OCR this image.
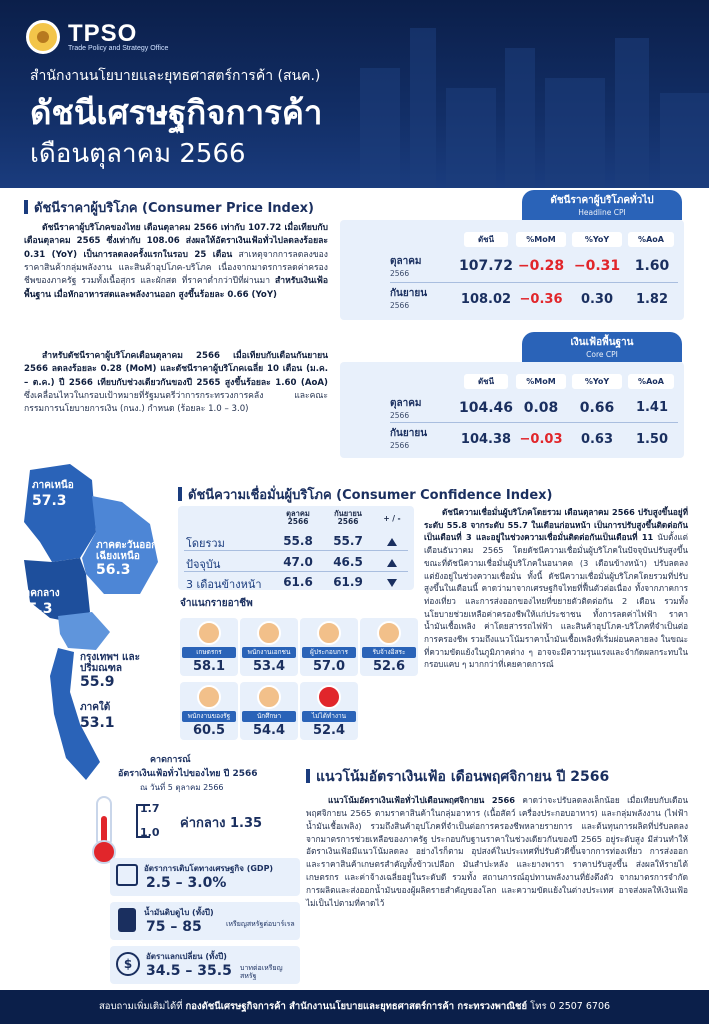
TPSO
Trade Policy and Strategy Office
สำนักงานนโยบายและยุทธศาสตร์การค้า (สนค.)
ดัชนีเศรษฐกิจการค้า
เดือนตุลาคม 2566
ดัชนีราคาผู้บริโภค (Consumer Price Index)
ดัชนีราคาผู้บริโภคของไทย เดือนตุลาคม 2566 เท่ากับ 107.72 เมื่อเทียบกับเดือนตุลาคม 2565 ซึ่งเท่ากับ 108.06 ส่งผลให้อัตราเงินเฟ้อทั่วไปลดลงร้อยละ 0.31 (YoY) เป็นการลดลงครั้งแรกในรอบ 25 เดือน สาเหตุจากการลดลงของราคาสินค้ากลุ่มพลังงาน และสินค้าอุปโภค-บริโภค เนื่องจากมาตรการลดค่าครองชีพของภาครัฐ รวมทั้งเนื้อสุกร และผักสด ที่ราคาต่ำกว่าปีที่ผ่านมา สำหรับเงินเฟ้อพื้นฐาน เมื่อหักอาหารสดและพลังงานออก สูงขึ้นร้อยละ 0.66 (YoY)
สำหรับดัชนีราคาผู้บริโภคเดือนตุลาคม 2566 เมื่อเทียบกับเดือนกันยายน 2566 ลดลงร้อยละ 0.28 (MoM) และดัชนีราคาผู้บริโภคเฉลี่ย 10 เดือน (ม.ค. – ต.ค.) ปี 2566 เทียบกับช่วงเดียวกันของปี 2565 สูงขึ้นร้อยละ 1.60 (AoA) ซึ่งเคลื่อนไหวในกรอบเป้าหมายที่รัฐมนตรีว่าการกระทรวงการคลัง และคณะกรรมการนโยบายการเงิน (กนง.) กำหนด (ร้อยละ 1.0 – 3.0)
ดัชนีราคาผู้บริโภคทั่วไป
Headline CPI
ดัชนี	%MoM	%YoY	%AoA
ตุลาคม
2566	107.72 −0.28 −0.31	1.60
กันยายน
2566	108.02 −0.36	0.30	1.82
เงินเฟ้อพื้นฐาน
Core CPI
ดัชนี	%MoM	%YoY	%AoA
ตุลาคม
2566	104.46 0.08	0.66	1.41
กันยายน
2566	104.38 −0.03	0.63	1.50
ภาคเหนือ
57.3
ภาคตะวันออกเฉียงเหนือ
56.3
ภาคกลาง
55.3
กรุงเทพฯ และปริมณฑล
55.9
ภาคใต้
53.1
ดัชนีความเชื่อมั่นผู้บริโภค (Consumer Confidence Index)
ตุลาคม
2566
กันยายน
2566	+ / -
โดยรวม	55.8	55.7
ปัจจุบัน	47.0	46.5
3 เดือนข้างหน้า	61.6	61.9
จำแนกรายอาชีพ
เกษตรกร
58.1
พนักงานเอกชน
53.4
ผู้ประกอบการ
57.0
รับจ้างอิสระ
52.6
พนักงานของรัฐ
60.5
นักศึกษา
54.4
ไม่ได้ทำงาน
52.4
ดัชนีความเชื่อมั่นผู้บริโภคโดยรวม เดือนตุลาคม 2566 ปรับสูงขึ้นอยู่ที่ระดับ 55.8 จากระดับ 55.7 ในเดือนก่อนหน้า เป็นการปรับสูงขึ้นติดต่อกันเป็นเดือนที่ 3 และอยู่ในช่วงความเชื่อมั่นติดต่อกันเป็นเดือนที่ 11 นับตั้งแต่เดือนธันวาคม 2565 โดยดัชนีความเชื่อมั่นผู้บริโภคในปัจจุบันปรับสูงขึ้น ขณะที่ดัชนีความเชื่อมั่นผู้บริโภคในอนาคต (3 เดือนข้างหน้า) ปรับลดลง แต่ยังอยู่ในช่วงความเชื่อมั่น ทั้งนี้ ดัชนีความเชื่อมั่นผู้บริโภคโดยรวมที่ปรับสูงขึ้นในเดือนนี้ คาดว่ามาจากเศรษฐกิจไทยที่ฟื้นตัวต่อเนื่อง ทั้งจากภาคการท่องเที่ยว และการส่งออกของไทยที่ขยายตัวติดต่อกัน 2 เดือน รวมทั้งนโยบายช่วยเหลือค่าครองชีพให้แก่ประชาชน ทั้งการลดค่าไฟฟ้า ราคาน้ำมันเชื้อเพลิง ค่าโดยสารรถไฟฟ้า และสินค้าอุปโภค-บริโภคที่จำเป็นต่อการครองชีพ รวมถึงแนวโน้มราคาน้ำมันเชื้อเพลิงที่เริ่มผ่อนคลายลง ในขณะที่ความขัดแย้งในภูมิภาคต่าง ๆ อาจจะมีความรุนแรงและจำกัดผลกระทบในกรอบแคบ ๆ มากกว่าที่เคยคาดการณ์
คาดการณ์
อัตราเงินเฟ้อทั่วไปของไทย ปี 2566
ณ วันที่ 5 ตุลาคม 2566
1.7
1.0
ค่ากลาง 1.35
อัตราการเติบโตทางเศรษฐกิจ (GDP)
2.5 – 3.0%
น้ำมันดิบดูไบ (ทั้งปี)
75 – 85	เหรียญสหรัฐต่อบาร์เรล
$
อัตราแลกเปลี่ยน (ทั้งปี)
34.5 – 35.5 บาทต่อเหรียญสหรัฐ
แนวโน้มอัตราเงินเฟ้อ เดือนพฤศจิกายน ปี 2566
แนวโน้มอัตราเงินเฟ้อทั่วไปเดือนพฤศจิกายน 2566 คาดว่าจะปรับลดลงเล็กน้อย เมื่อเทียบกับเดือนพฤศจิกายน 2565 ตามราคาสินค้าในกลุ่มอาหาร (เนื้อสัตว์ เครื่องประกอบอาหาร) และกลุ่มพลังงาน (ไฟฟ้า น้ำมันเชื้อเพลิง) รวมถึงสินค้าอุปโภคที่จำเป็นต่อการครองชีพหลายรายการ และต้นทุนการผลิตที่ปรับลดลง จากมาตรการช่วยเหลือของภาครัฐ ประกอบกับฐานราคาในช่วงเดียวกันของปี 2565 อยู่ระดับสูง มีส่วนทำให้อัตราเงินเฟ้อมีแนวโน้มลดลง อย่างไรก็ตาม อุปสงค์ในประเทศที่ปรับตัวดีขึ้นจากการท่องเที่ยว การส่งออก และราคาสินค้าเกษตรสำคัญทั้งข้าวเปลือก มันสำปะหลัง และยางพารา ราคาปรับสูงขึ้น ส่งผลให้รายได้เกษตรกร และค่าจ้างเฉลี่ยอยู่ในระดับดี รวมทั้ง สถานการณ์อุปทานพลังงานที่ยังตึงตัว จากมาตรการจำกัดการผลิตและส่งออกน้ำมันของผู้ผลิตรายสำคัญของโลก และความขัดแย้งในต่างประเทศ อาจส่งผลให้เงินเฟ้อไม่เป็นไปตามที่คาดไว้
สอบถามเพิ่มเติมได้ที่ กองดัชนีเศรษฐกิจการค้า สำนักงานนโยบายและยุทธศาสตร์การค้า กระทรวงพาณิชย์ โทร 0 2507 6706
